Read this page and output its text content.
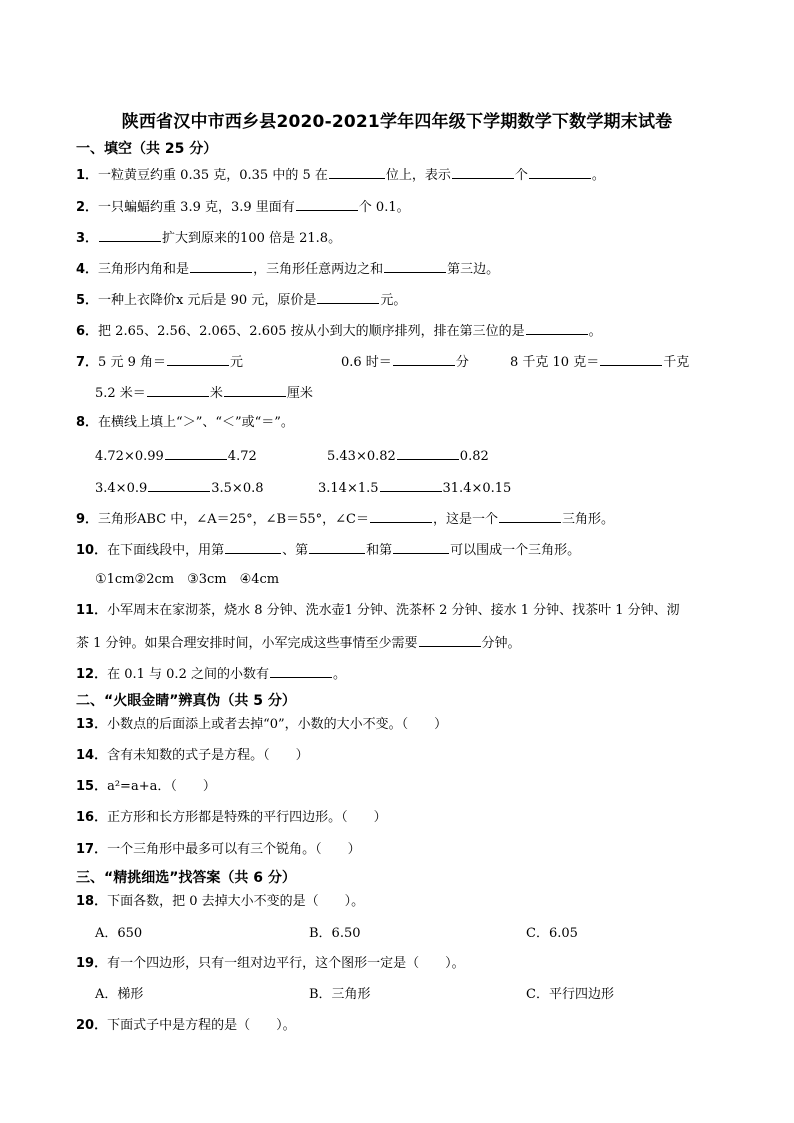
陕西省汉中市西乡县2020-2021学年四年级下学期数学下数学期末试卷
一、填空（共 25 分）
1．一粒黄豆约重 0.35 克，0.35 中的 5 在	位上，表示	个	。
2．一只蝙蝠约重 3.9 克，3.9 里面有	个 0.1。
3．	扩大到原来的100 倍是 21.8。
4．三角形内角和是	，三角形任意两边之和	第三边。
5．一种上衣降价x 元后是 90 元，原价是	元。
6．把 2.65、2.56、2.065、2.605 按从小到大的顺序排列，排在第三位的是	。
7．5 元 9 角＝	元	0.6 时＝	分	8 千克 10 克＝	千克
5.2 米＝	米	厘米
8．在横线上填上“＞”、“＜”或“＝”。
4.72×0.99	4.72	5.43×0.82	0.82
3.4×0.9	3.5×0.8	3.14×1.5	31.4×0.15
9．三角形ABC 中，∠A＝25°，∠B＝55°，∠C＝	，这是一个	三角形。
10．在下面线段中，用第	、第	和第	可以围成一个三角形。
①1cm②2cm　③3cm　④4cm
11．小军周末在家沏茶，烧水 8 分钟、洗水壶1 分钟、洗茶杯 2 分钟、接水 1 分钟、找茶叶 1 分钟、沏
茶 1 分钟。如果合理安排时间，小军完成这些事情至少需要	分钟。
12．在 0.1 与 0.2 之间的小数有	。
二、“火眼金睛”辨真伪（共 5 分）
13．小数点的后面添上或者去掉“0”，小数的大小不变。（　　）
14．含有未知数的式子是方程。（　　）
15．a²=a+a．（　　）
16．正方形和长方形都是特殊的平行四边形。（　　）
17．一个三角形中最多可以有三个锐角。（　　）
三、“精挑细选”找答案（共 6 分）
18．下面各数，把 0 去掉大小不变的是（　　）。
A．650	B．6.50	C．6.05
19．有一个四边形，只有一组对边平行，这个图形一定是（　　）。
A．梯形	B．三角形	C．平行四边形
20．下面式子中是方程的是（　　）。
